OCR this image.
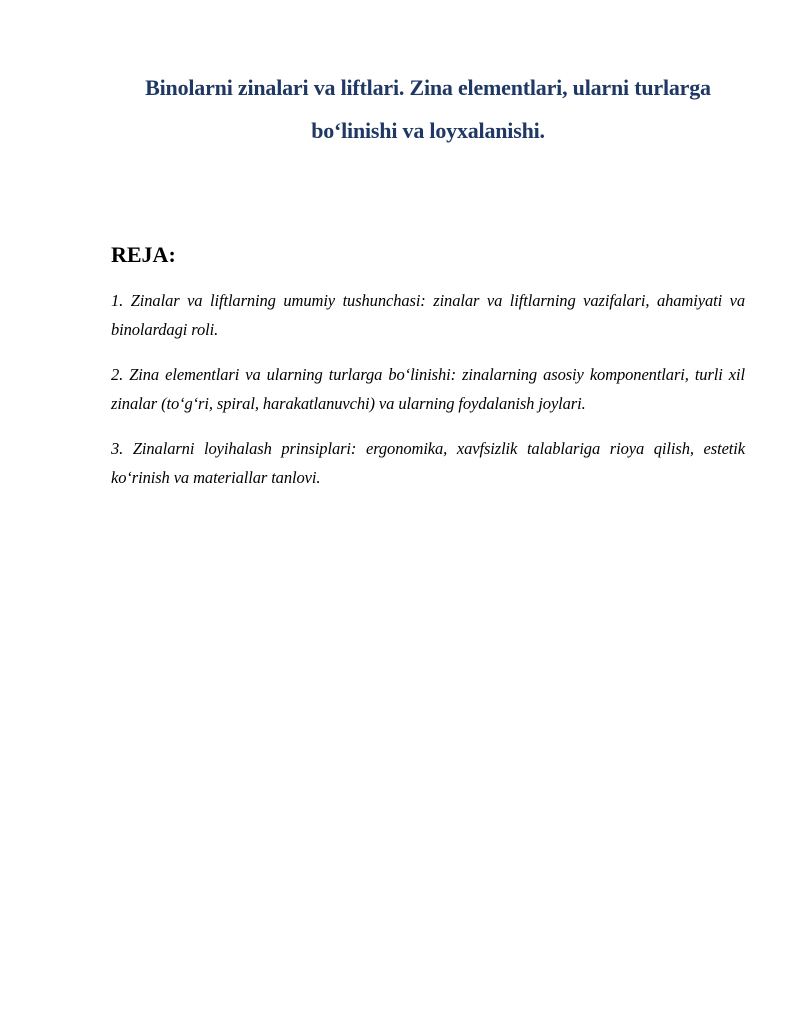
Binolarni zinalari va liftlari. Zina elementlari, ularni turlarga
bo‘linishi va loyxalanishi.
REJA:

1. Zinalar va liftlarning umumiy tushunchasi: zinalar va liftlarning vazifalari, ahamiyati va binolardagi roli.

2. Zina elementlari va ularning turlarga bo‘linishi: zinalarning asosiy komponentlari, turli xil zinalar (to‘g‘ri, spiral, harakatlanuvchi) va ularning foydalanish joylari.

3. Zinalarni loyihalash prinsiplari: ergonomika, xavfsizlik talablariga rioya qilish, estetik ko‘rinish va materiallar tanlovi.
